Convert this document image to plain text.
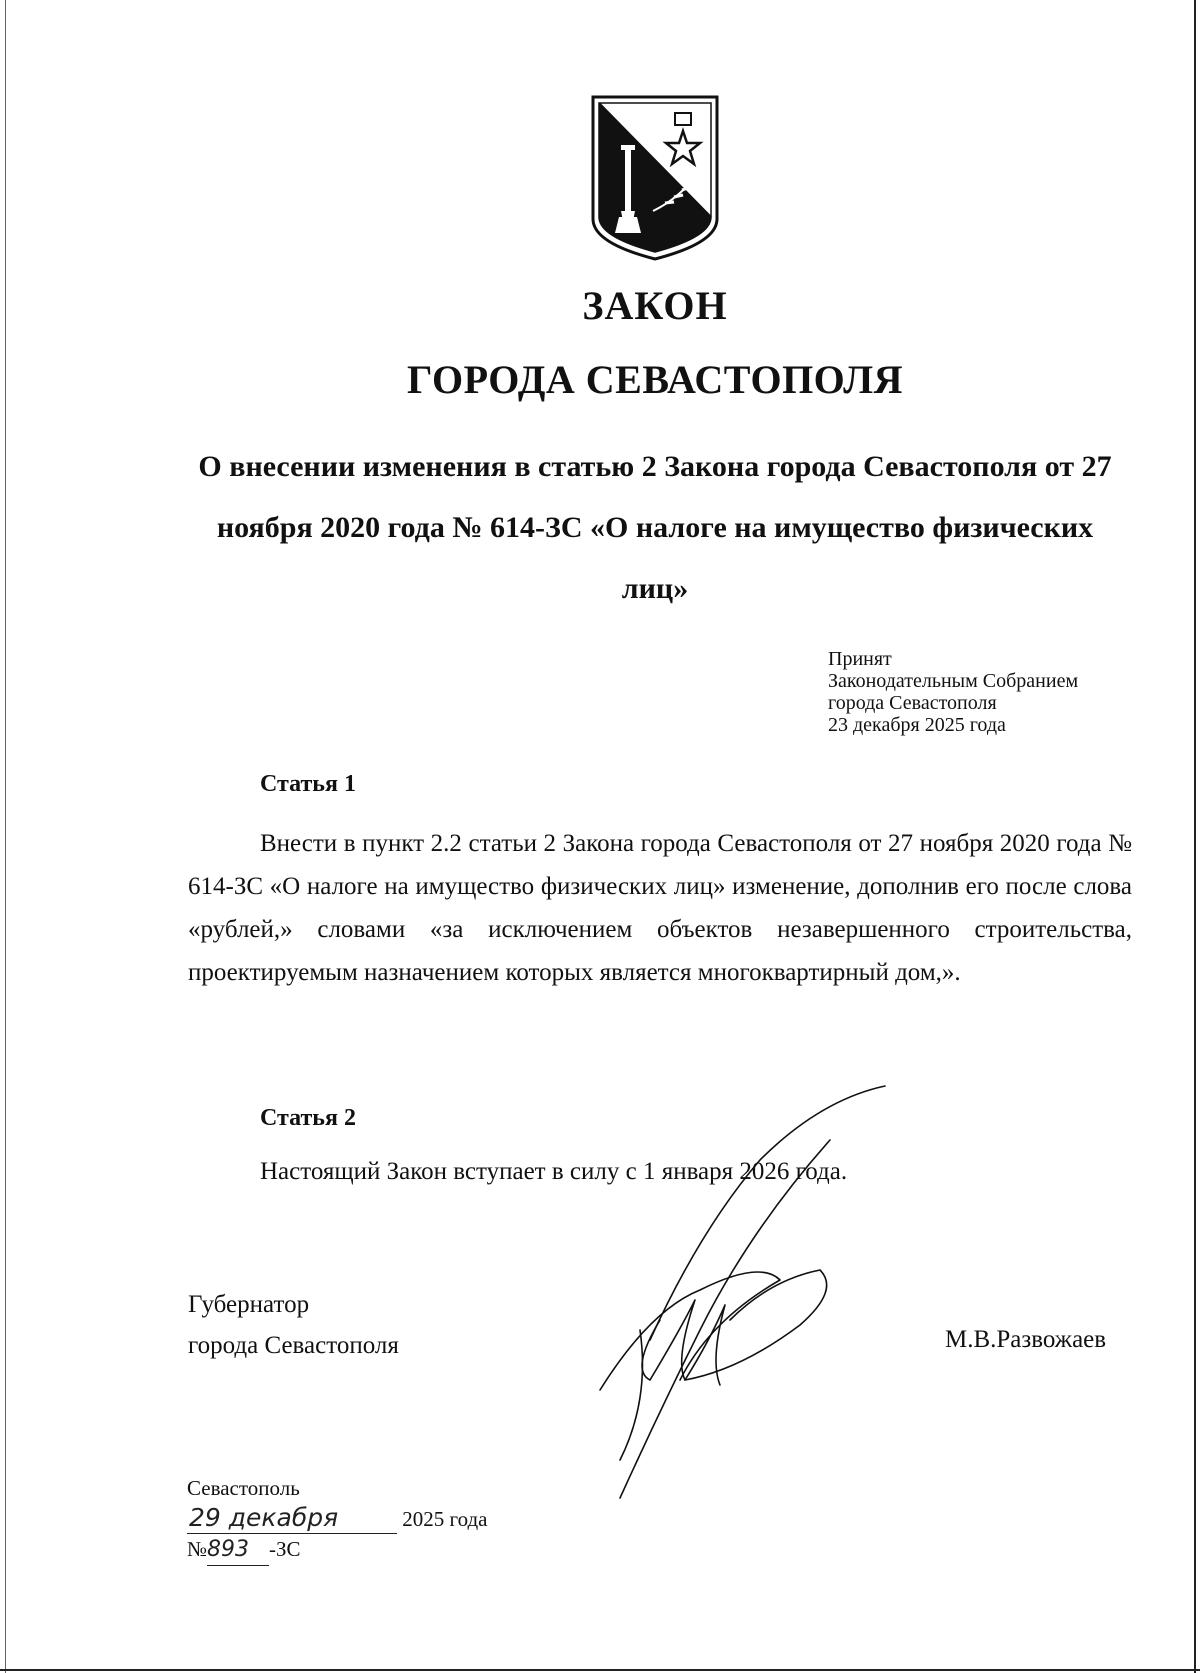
ЗАКОН
ГОРОДА СЕВАСТОПОЛЯ
О внесении изменения в статью 2 Закона города Севастополя от 27 ноября 2020 года № 614-ЗС «О налоге на имущество физических лиц»
Принят
Законодательным Собранием
города Севастополя
23 декабря 2025 года
Статья 1
Внести в пункт 2.2 статьи 2 Закона города Севастополя от 27 ноября 2020 года № 614-ЗС «О налоге на имущество физических лиц» изменение, дополнив его после слова «рублей,» словами «за исключением объектов незавершенного строительства, проектируемым назначением которых является многоквартирный дом,».
Статья 2
Настоящий Закон вступает в силу с 1 января 2026 года.
Губернатор
города Севастополя	М.В.Развожаев
Севастополь
29 декабря	2025 года
№893 -ЗС
